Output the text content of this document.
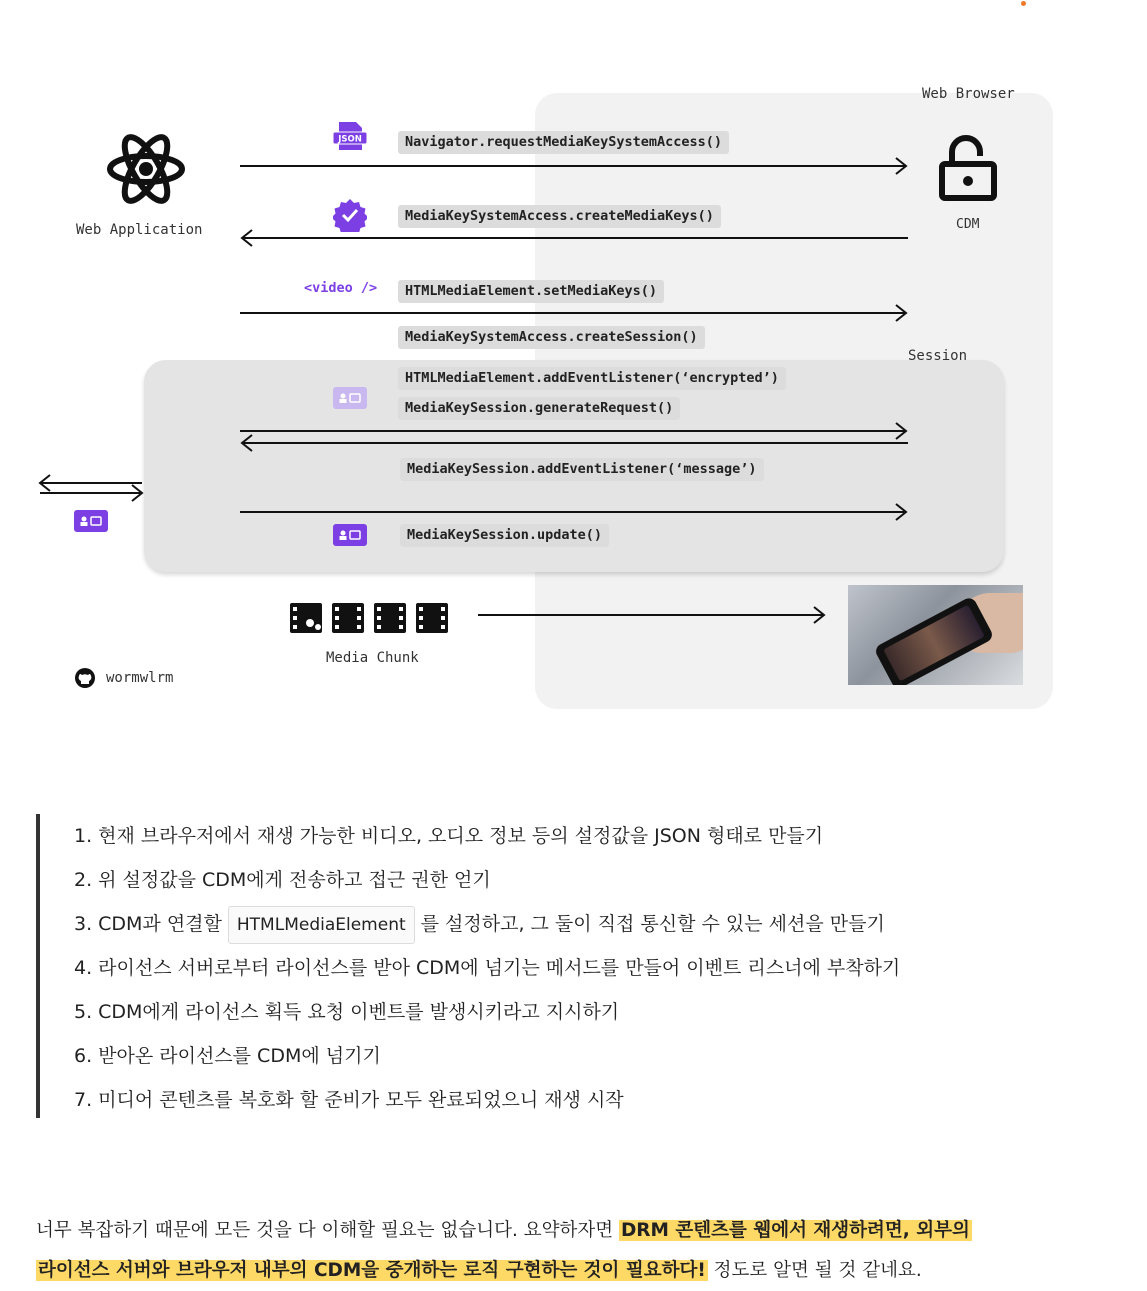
Web Browser
Web Application	CDM
Session
Media Chunk
wormwlrm
JSON
<video />
Navigator.requestMediaKeySystemAccess()
MediaKeySystemAccess.createMediaKeys()
HTMLMediaElement.setMediaKeys()
MediaKeySystemAccess.createSession()
HTMLMediaElement.addEventListener(‘encrypted’)
MediaKeySession.generateRequest()
MediaKeySession.addEventListener(‘message’)
MediaKeySession.update()
1. 현재 브라우저에서 재생 가능한 비디오, 오디오 정보 등의 설정값을 JSON 형태로 만들기
2. 위 설정값을 CDM에게 전송하고 접근 권한 얻기
3. CDM과 연결할 HTMLMediaElement 를 설정하고, 그 둘이 직접 통신할 수 있는 세션을 만들기
4. 라이선스 서버로부터 라이선스를 받아 CDM에 넘기는 메서드를 만들어 이벤트 리스너에 부착하기
5. CDM에게 라이선스 획득 요청 이벤트를 발생시키라고 지시하기
6. 받아온 라이선스를 CDM에 넘기기
7. 미디어 콘텐츠를 복호화 할 준비가 모두 완료되었으니 재생 시작

너무 복잡하기 때문에 모든 것을 다 이해할 필요는 없습니다. 요약하자면 DRM 콘텐츠를 웹에서 재생하려면, 외부의
라이선스 서버와 브라우저 내부의 CDM을 중개하는 로직 구현하는 것이 필요하다! 정도로 알면 될 것 같네요.
